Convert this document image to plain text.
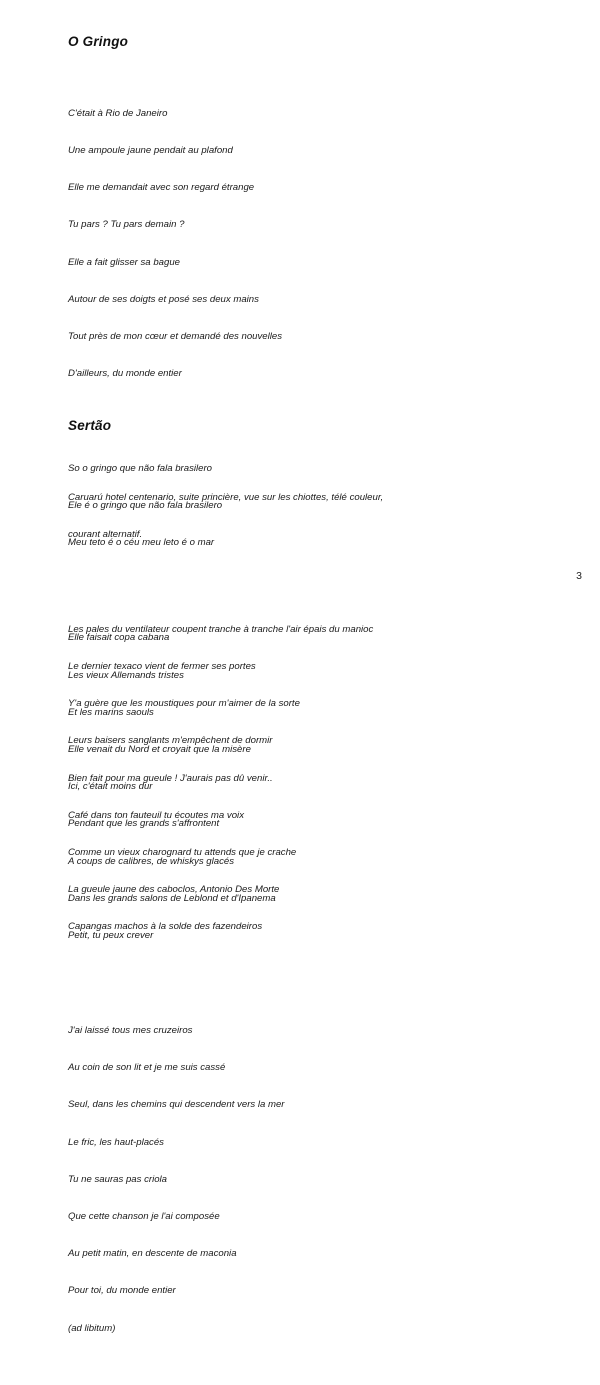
O Gringo

C'était à Rio de Janeiro

Une ampoule jaune pendait au plafond

Elle me demandait avec son regard étrange

Tu pars ? Tu pars demain ?

Elle a fait glisser sa bague

Autour de ses doigts et posé ses deux mains

Tout près de mon cœur et demandé des nouvelles

D'ailleurs, du monde entier

So o gringo que não fala brasilero

Ele é o gringo que não fala brasilero

Meu teto é o céu meu leto é o mar

Elle faisait copa cabana

Les vieux Allemands tristes

Et les marins saouls

Elle venait du Nord et croyait que la misère

Ici, c'était moins dur

Pendant que les grands s'affrontent

A coups de calibres, de whiskys glacés

Dans les grands salons de Leblond et d'Ipanema

Petit, tu peux crever

J'ai laissé tous mes cruzeiros

Au coin de son lit et je me suis cassé

Seul, dans les chemins qui descendent vers la mer

Le fric, les haut-placés

Tu ne sauras pas criola

Que cette chanson je l'ai composée

Au petit matin, en descente de maconia

Pour toi, du monde entier

(ad libitum)

Sertão

Caruarú hotel centenario, suite princière, vue sur les chiottes, télé couleur,

courant alternatif.

Les pales du ventilateur coupent tranche à tranche l'air épais du manioc

Le dernier texaco vient de fermer ses portes

Y'a guère que les moustiques pour m'aimer de la sorte

Leurs baisers sanglants m'empêchent de dormir

Bien fait pour ma gueule ! J'aurais pas dû venir..

Café dans ton fauteuil tu écoutes ma voix

Comme un vieux charognard tu attends que je crache

La gueule jaune des caboclos, Antonio Des Morte

Capangas machos à la solde des fazendeiros

3
